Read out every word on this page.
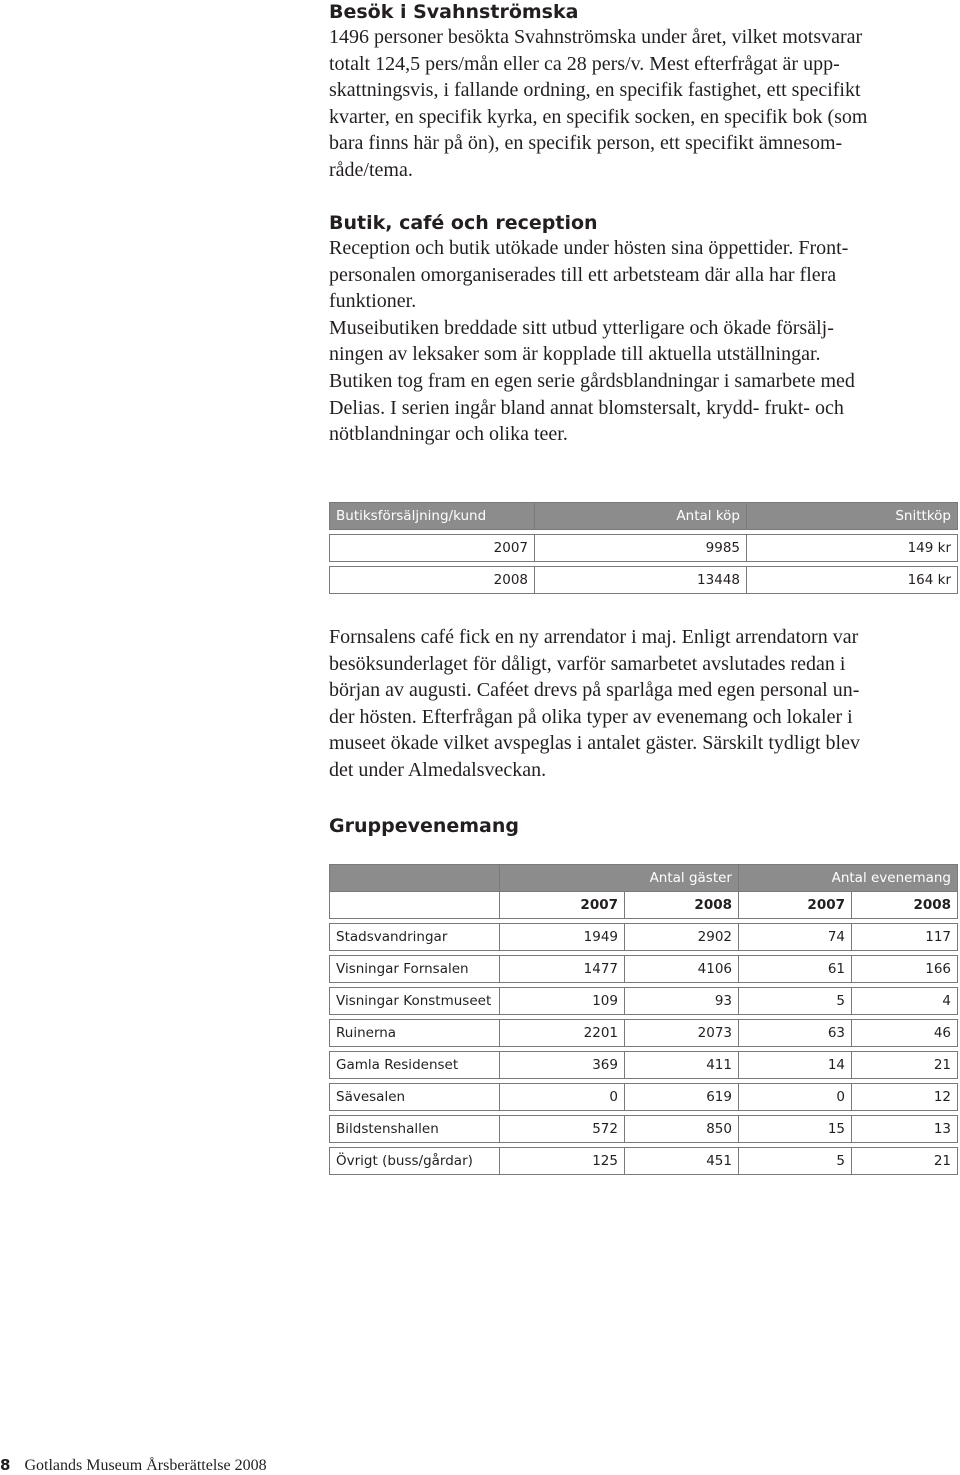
Besök i Svahnströmska
1496 personer besökta Svahnströmska under året, vilket motsvarar
totalt 124,5 pers/mån eller ca 28 pers/v. Mest efterfrågat är upp-
skattningsvis, i fallande ordning, en specifik fastighet, ett specifikt
kvarter, en specifik kyrka, en specifik socken, en specifik bok (som
bara finns här på ön), en specifik person, ett specifikt ämnesom-
råde/tema.
Butik, café och reception
Reception och butik utökade under hösten sina öppettider. Front-
personalen omorganiserades till ett arbetsteam där alla har flera
funktioner.
Museibutiken breddade sitt utbud ytterligare och ökade försälj-
ningen av leksaker som är kopplade till aktuella utställningar.
Butiken tog fram en egen serie gårdsblandningar i samarbete med
Delias. I serien ingår bland annat blomstersalt, krydd- frukt- och
nötblandningar och olika teer.
Butiksförsäljning/kund	Antal köp	Snittköp

2007	9985	149 kr

2008	13448	164 kr
Fornsalens café fick en ny arrendator i maj. Enligt arrendatorn var
besöksunderlaget för dåligt, varför samarbetet avslutades redan i
början av augusti. Caféet drevs på sparlåga med egen personal un-
der hösten. Efterfrågan på olika typer av evenemang och lokaler i
museet ökade vilket avspeglas i antalet gäster. Särskilt tydligt blev
det under Almedalsveckan.
Gruppevenemang
	Antal gäster		Antal evenemang	
	2007	2008	2007	2008

Stadsvandringar	1949	2902	74	117

Visningar Fornsalen	1477	4106	61	166

Visningar Konstmuseet	109	93	5	4

Ruinerna	2201	2073	63	46

Gamla Residenset	369	411	14	21

Sävesalen	0	619	0	12

Bildstenshallen	572	850	15	13

Övrigt (buss/gårdar)	125	451	5	21
8 Gotlands Museum Årsberättelse 2008
